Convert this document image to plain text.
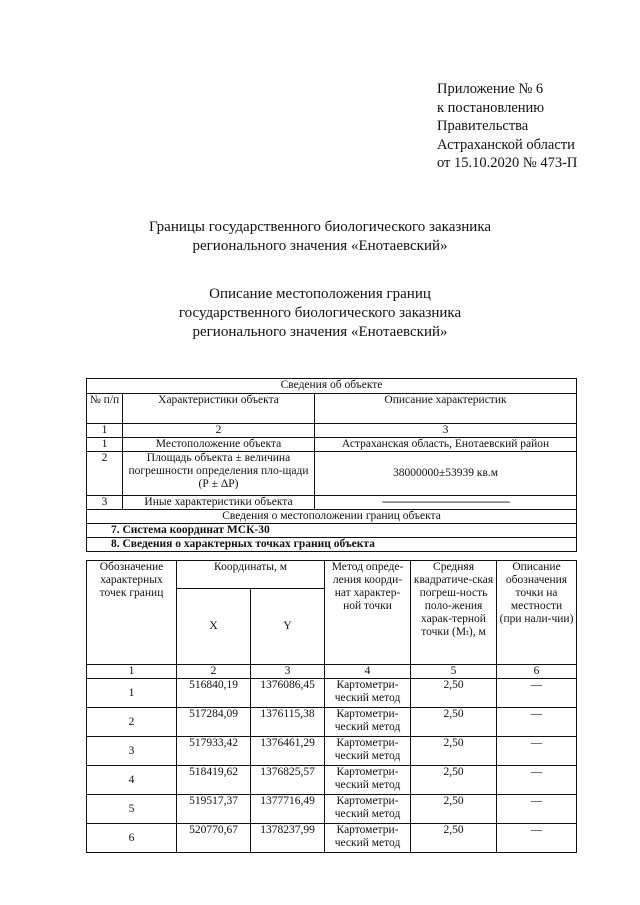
Приложение № 6
к постановлению
Правительства
Астраханской области
от 15.10.2020 № 473-П
Границы государственного биологического заказника
регионального значения «Енотаевский»
Описание местоположения границ
государственного биологического заказника
регионального значения «Енотаевский»
Сведения об объекте		
№ п/п	Характеристики объекта	Описание характеристик
1	2	3
1	Местоположение объекта	Астраханская область, Енотаевский район
2	Площадь объекта ± величина погрешности определения пло-щади (Р ± ΔР)	38000000±53939 кв.м
3	Иные характеристики объекта	---------------------------------------------
Сведения о местоположении границ объекта		
7. Система координат МСК-30		
8. Сведения о характерных точках границ объекта		
Обозначение характерных точек границ	Координаты, м		Метод опреде-ления коорди-нат характер-ной точки	Средняя квадратиче-ская погреш-ность поло-жения харак-терной точки (Mₜ), м	Описание обозначения точки на местности (при нали-чии)
	X	Y			
1	2	3	4	5	6
1	516840,19	1376086,45	Картометри-ческий метод	2,50	—
2	517284,09	1376115,38	Картометри-ческий метод	2,50	—
3	517933,42	1376461,29	Картометри-ческий метод	2,50	—
4	518419,62	1376825,57	Картометри-ческий метод	2,50	—
5	519517,37	1377716,49	Картометри-ческий метод	2,50	—
6	520770,67	1378237,99	Картометри-ческий метод	2,50	—
